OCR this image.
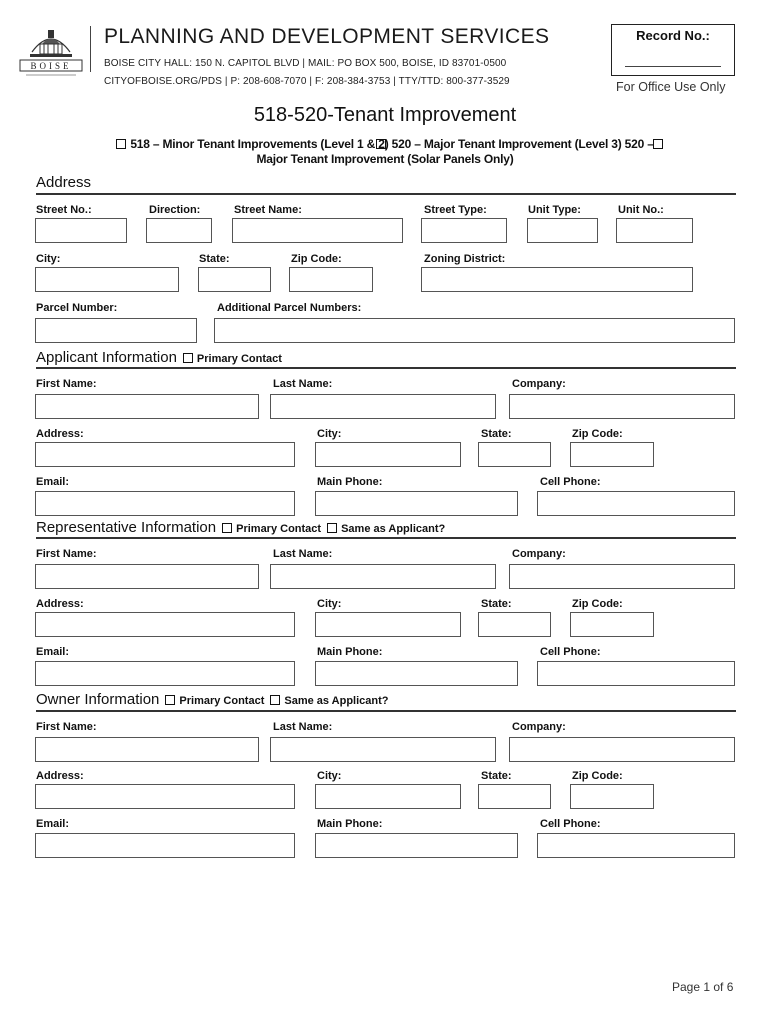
BOISE
PLANNING AND DEVELOPMENT SERVICES
BOISE CITY HALL: 150 N. CAPITOL BLVD | MAIL: PO BOX 500, BOISE, ID 83701-0500
CITYOFBOISE.ORG/PDS | P: 208-608-7070 | F: 208-384-3753 | TTY/TTD: 800-377-3529
Record No.:
For Office Use Only
518-520-Tenant Improvement
518 – Minor Tenant Improvements (Level 1 & 2) 520 – Major Tenant Improvement (Level 3) 520 –
Major Tenant Improvement (Solar Panels Only)
Address
Street No.:	Direction:	Street Name:	Street Type:	Unit Type:	Unit No.:
City:	State:	Zip Code:	Zoning District:
Parcel Number:	Additional Parcel Numbers:
Applicant Information Primary Contact
First Name:	Last Name:	Company:
Address:	City:	State:	Zip Code:
Email:	Main Phone:	Cell Phone:
Representative Information Primary Contact Same as Applicant?
First Name:	Last Name:	Company:
Address:	City:	State:	Zip Code:
Email:	Main Phone:	Cell Phone:
Owner Information Primary Contact Same as Applicant?
First Name:	Last Name:	Company:
Address:	City:	State:	Zip Code:
Email:	Main Phone:	Cell Phone:
Page 1 of 6
